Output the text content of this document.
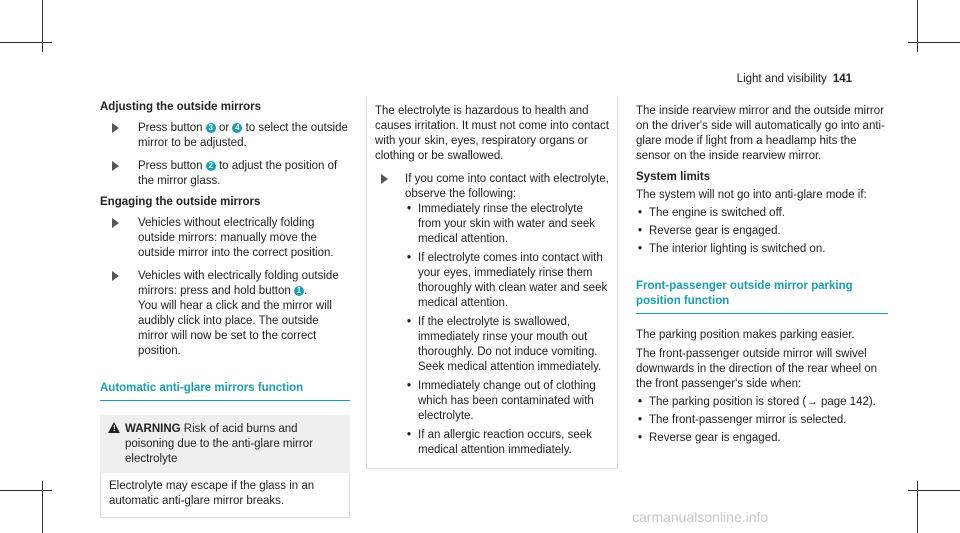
Light and visibility 141
Adjusting the outside mirrors
Press button 3 or 4 to select the outside mirror to be adjusted.
Press button 2 to adjust the position of the mirror glass.
Engaging the outside mirrors
Vehicles without electrically folding outside mirrors: manually move the outside mirror into the correct position.
Vehicles with electrically folding outside mirrors: press and hold button 1 .
You will hear a click and the mirror will audibly click into place. The outside mirror will now be set to the correct position.
Automatic anti-glare mirrors function
! WARNING Risk of acid burns and poisoning due to the anti-glare mirror electrolyte
Electrolyte may escape if the glass in an automatic anti-glare mirror breaks.

The electrolyte is hazardous to health and causes irritation. It must not come into contact with your skin, eyes, respiratory organs or clothing or be swallowed.

If you come into contact with electrolyte, observe the following:
• Immediately rinse the electrolyte from your skin with water and seek medical attention.
• If electrolyte comes into contact with your eyes, immediately rinse them thoroughly with clean water and seek medical attention.
• If the electrolyte is swallowed, immediately rinse your mouth out thoroughly. Do not induce vomiting. Seek medical attention immediately.
• Immediately change out of clothing which has been contaminated with electrolyte.
• If an allergic reaction occurs, seek medical attention immediately.

The inside rearview mirror and the outside mirror on the driver's side will automatically go into anti-glare mode if light from a headlamp hits the sensor on the inside rearview mirror.

System limits

The system will not go into anti-glare mode if:

• The engine is switched off.
• Reverse gear is engaged.
• The interior lighting is switched on.
Front-passenger outside mirror parking position function

The parking position makes parking easier.

The front-passenger outside mirror will swivel downwards in the direction of the rear wheel on the front passenger's side when:

• The parking position is stored (→ page 142).
• The front-passenger mirror is selected.
• Reverse gear is engaged.
carmanualsonline.info
